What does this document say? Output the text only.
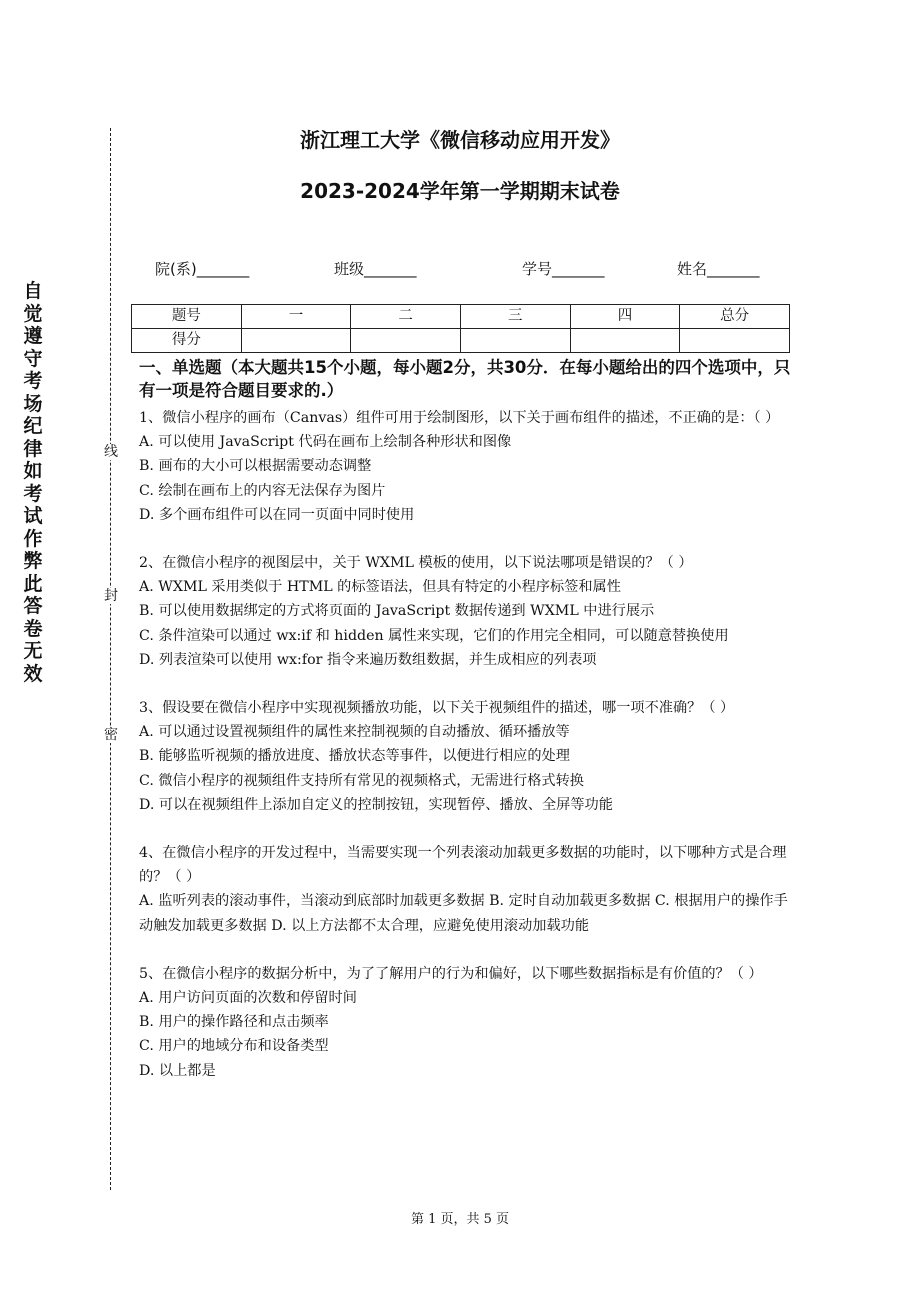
自觉遵守考场纪律如考试作弊此答卷无效
线
封
密
浙江理工大学《微信移动应用开发》
2023-2024学年第一学期期末试卷
院(系)_______	班级_______	学号_______	姓名_______
题号	一	二	三	四	总分
得分					
一、单选题（本大题共15个小题，每小题2分，共30分．在每小题给出的四个选项中，只有一项是符合题目要求的.）

1、微信小程序的画布（Canvas）组件可用于绘制图形，以下关于画布组件的描述，不正确的是：（ ）

A. 可以使用 JavaScript 代码在画布上绘制各种形状和图像

B. 画布的大小可以根据需要动态调整

C. 绘制在画布上的内容无法保存为图片

D. 多个画布组件可以在同一页面中同时使用

2、在微信小程序的视图层中，关于 WXML 模板的使用，以下说法哪项是错误的？（ ）

A. WXML 采用类似于 HTML 的标签语法，但具有特定的小程序标签和属性

B. 可以使用数据绑定的方式将页面的 JavaScript 数据传递到 WXML 中进行展示

C. 条件渲染可以通过 wx:if 和 hidden 属性来实现，它们的作用完全相同，可以随意替换使用

D. 列表渲染可以使用 wx:for 指令来遍历数组数据，并生成相应的列表项

3、假设要在微信小程序中实现视频播放功能，以下关于视频组件的描述，哪一项不准确？（ ）

A. 可以通过设置视频组件的属性来控制视频的自动播放、循环播放等

B. 能够监听视频的播放进度、播放状态等事件，以便进行相应的处理

C. 微信小程序的视频组件支持所有常见的视频格式，无需进行格式转换

D. 可以在视频组件上添加自定义的控制按钮，实现暂停、播放、全屏等功能

4、在微信小程序的开发过程中，当需要实现一个列表滚动加载更多数据的功能时，以下哪种方式是合理的？（ ）

A. 监听列表的滚动事件，当滚动到底部时加载更多数据 B. 定时自动加载更多数据 C. 根据用户的操作手动触发加载更多数据 D. 以上方法都不太合理，应避免使用滚动加载功能

5、在微信小程序的数据分析中，为了了解用户的行为和偏好，以下哪些数据指标是有价值的？（ ）

A. 用户访问页面的次数和停留时间

B. 用户的操作路径和点击频率

C. 用户的地域分布和设备类型

D. 以上都是

第 1 页，共 5 页
